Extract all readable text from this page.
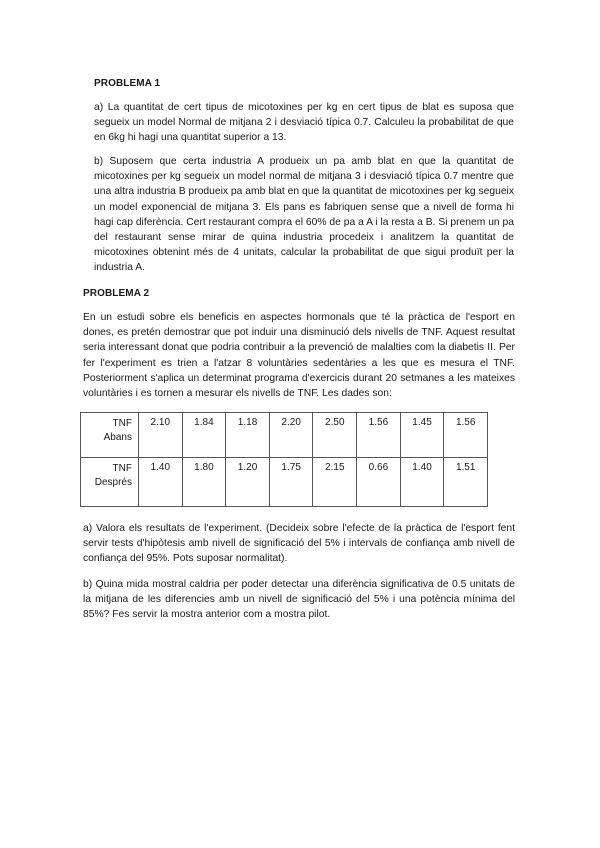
PROBLEMA 1
a) La quantitat de cert tipus de micotoxines per kg en cert tipus de blat es suposa que segueix un model Normal de mitjana 2 i desviació típica 0.7. Calculeu la probabilitat de que en 6kg hi hagi una quantitat superior a 13.
b) Suposem que certa industria A produeix un pa amb blat en que la quantitat de micotoxines per kg segueix un model normal de mitjana 3 i desviació típica 0.7 mentre que una altra industria B produeix pa amb blat en que la quantitat de micotoxines per kg segueix un model exponencial de mitjana 3. Els pans es fabriquen sense que a nivell de forma hi hagi cap diferència. Cert restaurant compra el 60% de pa a A i la resta a B. Si prenem un pa del restaurant sense mirar de quina industria procedeix i analitzem la quantitat de micotoxines obtenint més de 4 unitats, calcular la probabilitat de que sigui produït per la industria A.
PROBLEMA 2
En un estudi sobre els beneficis en aspectes hormonals que té la pràctica de l'esport en dones, es pretén demostrar que pot induir una disminució dels nivells de TNF. Aquest resultat seria interessant donat que podria contribuir a la prevenció de malalties com la diabetis II. Per fer l'experiment es trien a l'atzar 8 voluntàries sedentàries a les que es mesura el TNF. Posteriorment s'aplica un determinat programa d'exercicis durant 20 setmanes a les mateixes voluntàries i es tornen a mesurar els nivells de TNF. Les dades son:
TNF
Abans	2.10	1.84	1.18	2.20	2.50	1.56	1.45	1.56

TNF
Després	1.40	1.80	1.20	1.75	2.15	0.66	1.40	1.51
a) Valora els resultats de l'experiment. (Decideix sobre l'efecte de la pràctica de l'esport fent servir tests d'hipòtesis amb nivell de significació del 5% i intervals de confiança amb nivell de confiança del 95%. Pots suposar normalitat).
b) Quina mida mostral caldria per poder detectar una diferència significativa de 0.5 unitats de la mitjana de les diferencies amb un nivell de significació del 5% i una potència mínima del 85%? Fes servir la mostra anterior com a mostra pilot.
